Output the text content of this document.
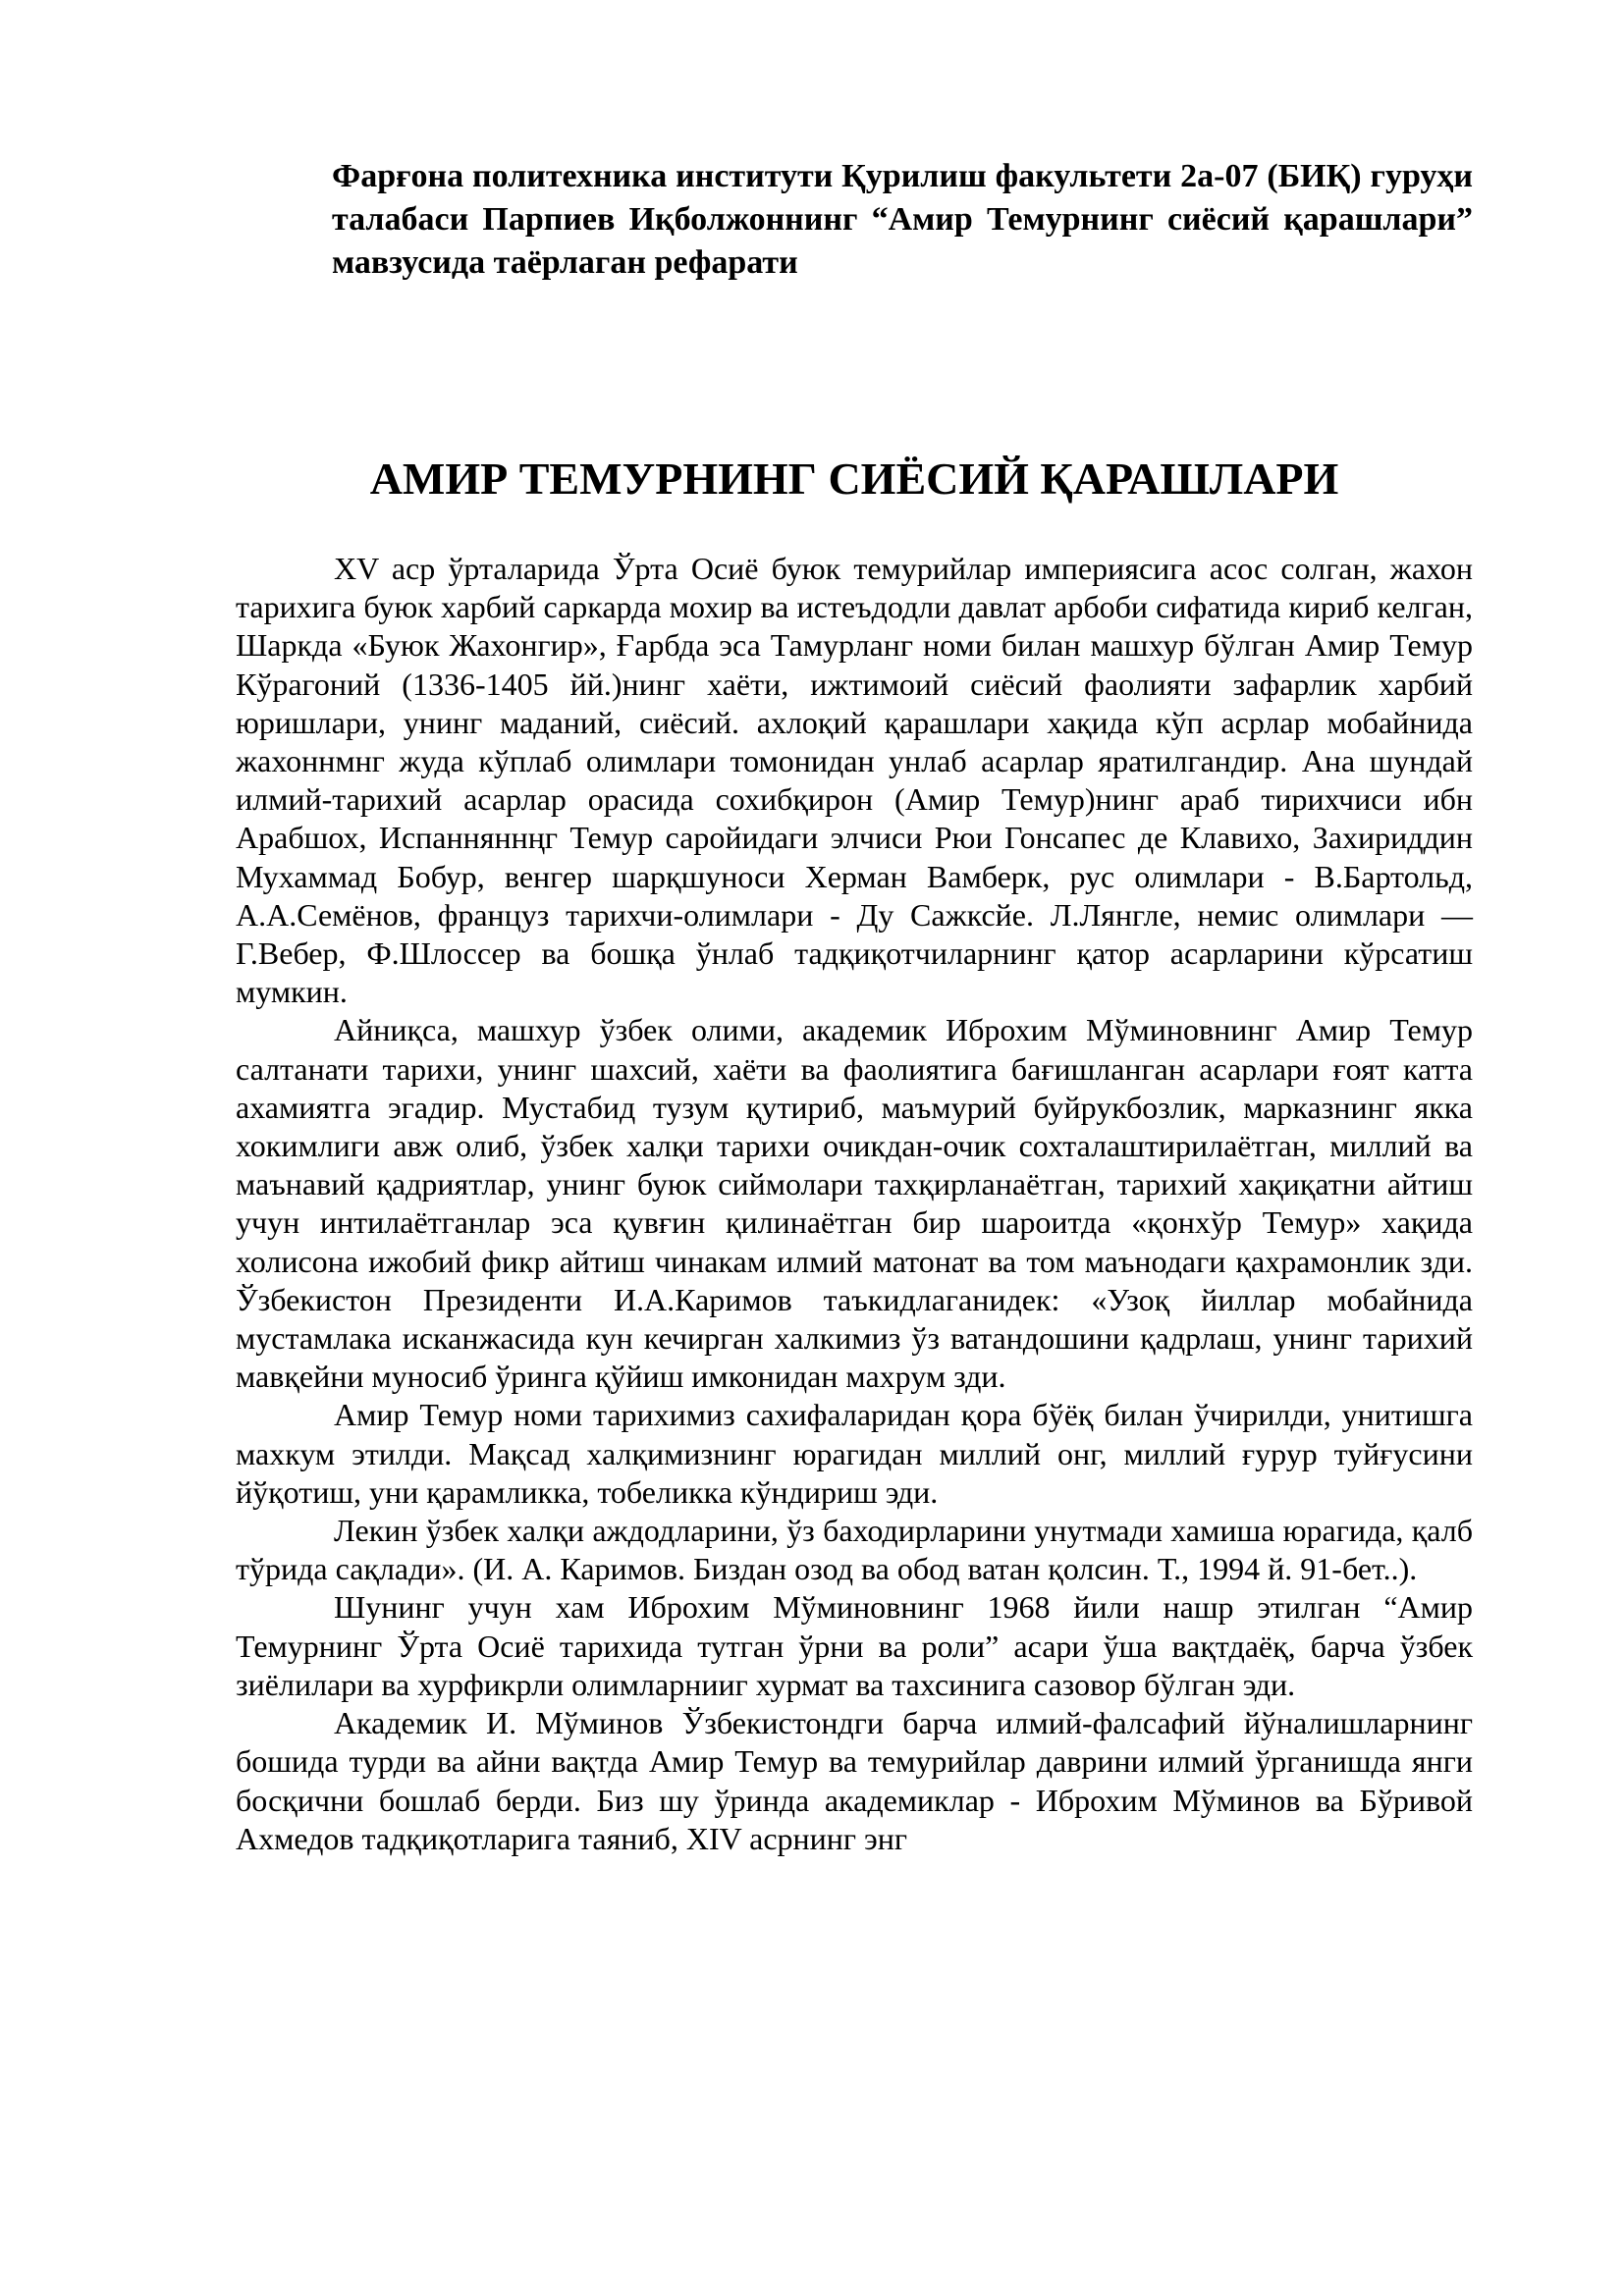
Фарғона политехника институти Қурилиш факультети 2а-07 (БИҚ) гуруҳи талабаси Парпиев Иқболжоннинг “Амир Темурнинг сиёсий қарашлари” мавзусида таёрлаган рефарати
АМИР ТЕМУРНИНГ СИЁСИЙ ҚАРАШЛАРИ

XV аср ўрталарида Ўрта Осиё буюк темурийлар империясига асос солган, жахон тарихига буюк харбий саркарда мохир ва истеъдодли давлат арбоби сифатида кириб келган, Шаркда «Буюк Жахонгир», Ғарбда эса Тамурланг номи билан машхур бўлган Амир Темур Кўрагоний (1336-1405 йй.)нинг хаёти, ижтимоий сиёсий фаолияти зафарлик харбий юришлари, унинг маданий, сиёсий. ахлоқий қарашлари хақида кўп асрлар мобайнида жахоннмнг жуда кўплаб олимлари томонидан унлаб асарлар яратилгандир. Ана шундай илмий-тарихий асарлар орасида сохибқирон (Амир Темур)нинг араб тирихчиси ибн Арабшох, Испанняннңг Темур саройидаги элчиси Рюи Гонсапес де Клавихо, Захириддин Мухаммад Бобур, венгер шарқшуноси Херман Вамберк, рус олимлари - В.Бартольд, А.А.Семёнов, француз тарихчи-олимлари - Ду Сажксйе. Л.Лянгле, немис олимлари — Г.Вебер, Ф.Шлоссер ва бошқа ўнлаб тадқиқотчиларнинг қатор асарларини кўрсатиш мумкин.

Айниқса, машхур ўзбек олими, академик Иброхим Мўминовнинг Амир Темур салтанати тарихи, унинг шахсий, хаёти ва фаолиятига бағишланган асарлари ғоят катта ахамиятга эгадир. Мустабид тузум қутириб, маъмурий буйрукбозлик, марказнинг якка хокимлиги авж олиб, ўзбек халқи тарихи очикдан-очик сохталаштирилаётган, миллий ва маънавий қадриятлар, унинг буюк сиймолари тахқирланаётган, тарихий хақиқатни айтиш учун интилаётганлар эса қувғин қилинаётган бир шароитда «қонхўр Темур» хақида холисона ижобий фикр айтиш чинакам илмий матонат ва том маънодаги қахрамонлик зди. Ўзбекистон Президенти И.А.Каримов таъкидлаганидек: «Узоқ йиллар мобайнида мустамлака исканжасида кун кечирган халкимиз ўз ватандошини қадрлаш, унинг тарихий мавқейни муносиб ўринга қўйиш имконидан махрум зди.

Амир Темур номи тарихимиз сахифаларидан қора бўёқ билан ўчирилди, унитишга махкум этилди. Мақсад халқимизнинг юрагидан миллий онг, миллий ғурур туйғусини йўқотиш, уни қарамликка, тобеликка кўндириш эди.

Лекин ўзбек халқи аждодларини, ўз баходирларини унутмади хамиша юрагида, қалб тўрида сақлади». (И. А. Каримов. Биздан озод ва обод ватан қолсин. Т., 1994 й. 91-бет..).

Шунинг учун хам Иброхим Мўминовнинг 1968 йили нашр этилган “Амир Темурнинг Ўрта Осиё тарихида тутган ўрни ва роли” асари ўша вақтдаёқ, барча ўзбек зиёлилари ва хурфикрли олимларнииг хурмат ва тахсинига сазовор бўлган эди.

Академик И. Мўминов Ўзбекистондги барча илмий-фалсафий йўналишларнинг бошида турди ва айни вақтда Амир Темур ва темурийлар даврини илмий ўрганишда янги босқични бошлаб берди. Биз шу ўринда академиклар - Иброхим Мўминов ва Бўривой Ахмедов тадқиқотларига таяниб, XIV асрнинг энг
